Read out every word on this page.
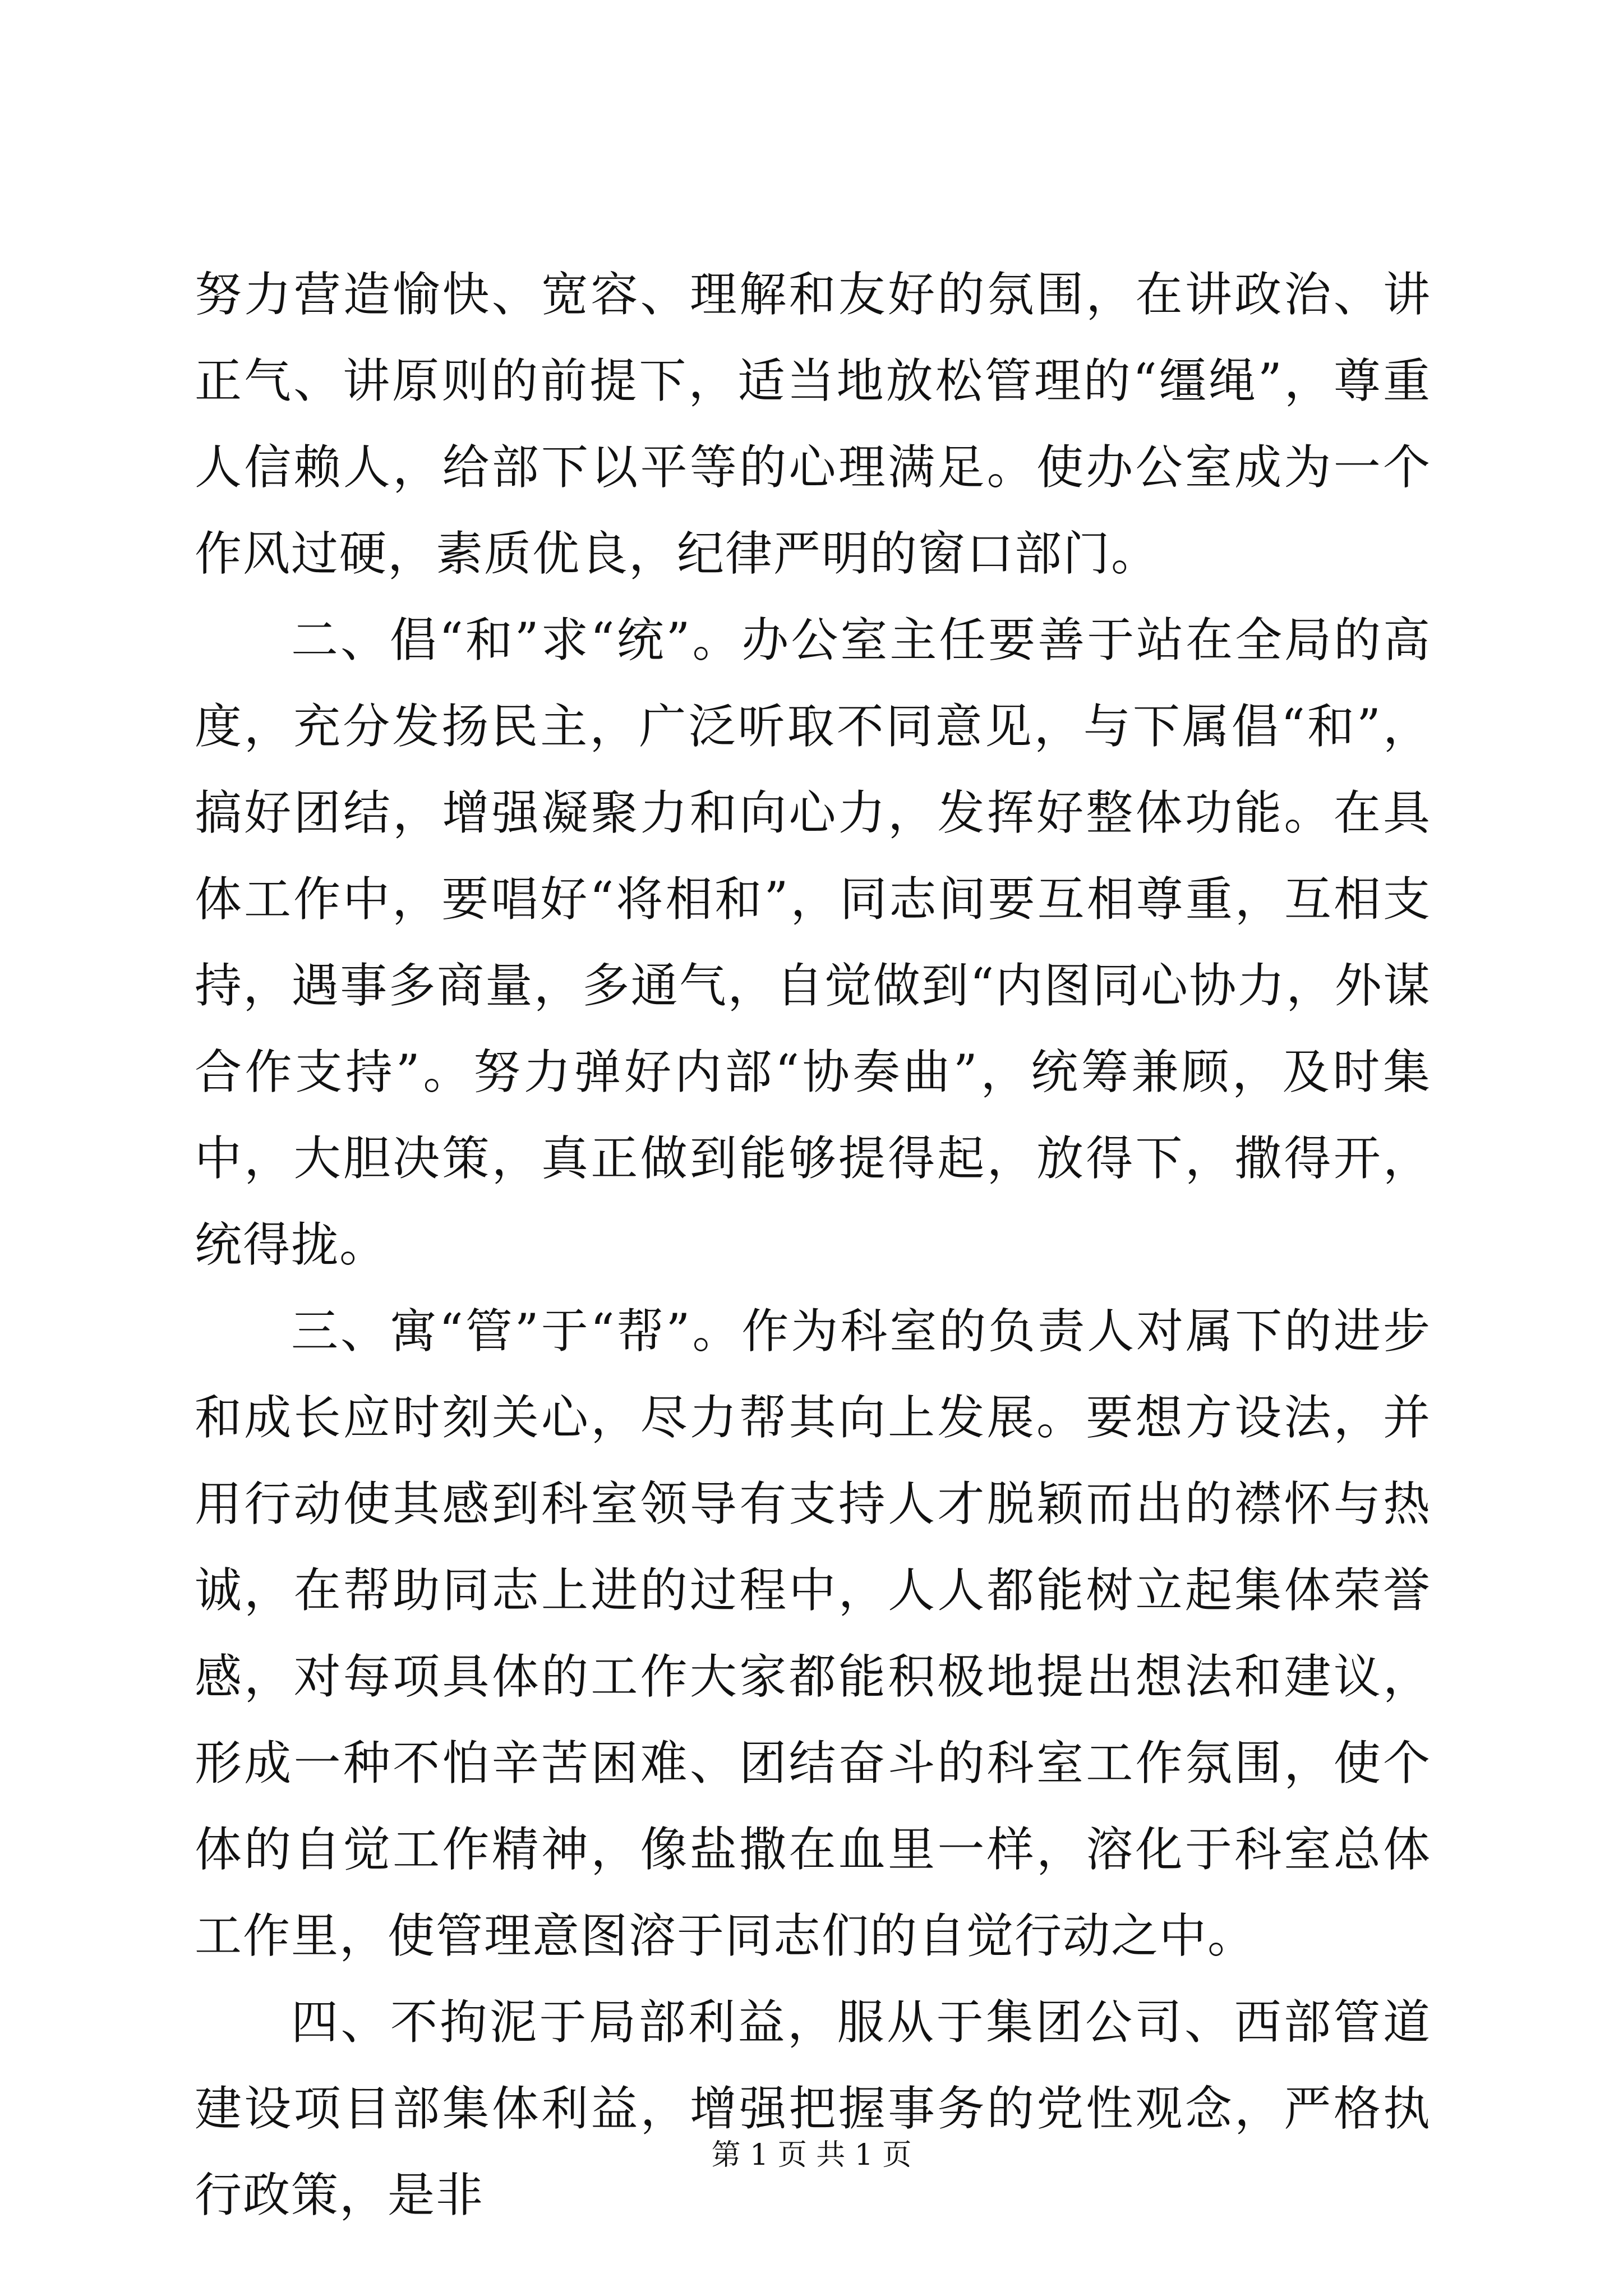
努力营造愉快、宽容、理解和友好的氛围，在讲政治、讲正气、讲原则的前提下，适当地放松管理的“缰绳”，尊重人信赖人，给部下以平等的心理满足。使办公室成为一个作风过硬，素质优良，纪律严明的窗口部门。

二、倡“和”求“统”。办公室主任要善于站在全局的高度，充分发扬民主，广泛听取不同意见，与下属倡“和”，搞好团结，增强凝聚力和向心力，发挥好整体功能。在具体工作中，要唱好“将相和”，同志间要互相尊重，互相支持，遇事多商量，多通气，自觉做到“内图同心协力，外谋合作支持”。努力弹好内部“协奏曲”，统筹兼顾，及时集中，大胆决策，真正做到能够提得起，放得下，撒得开，统得拢。

三、寓“管”于“帮”。作为科室的负责人对属下的进步和成长应时刻关心，尽力帮其向上发展。要想方设法，并用行动使其感到科室领导有支持人才脱颖而出的襟怀与热诚，在帮助同志上进的过程中，人人都能树立起集体荣誉感，对每项具体的工作大家都能积极地提出想法和建议，形成一种不怕辛苦困难、团结奋斗的科室工作氛围，使个体的自觉工作精神，像盐撒在血里一样，溶化于科室总体工作里，使管理意图溶于同志们的自觉行动之中。

四、不拘泥于局部利益，服从于集团公司、西部管道建设项目部集体利益，增强把握事务的党性观念，严格执行政策，是非

第 1 页 共 1 页
